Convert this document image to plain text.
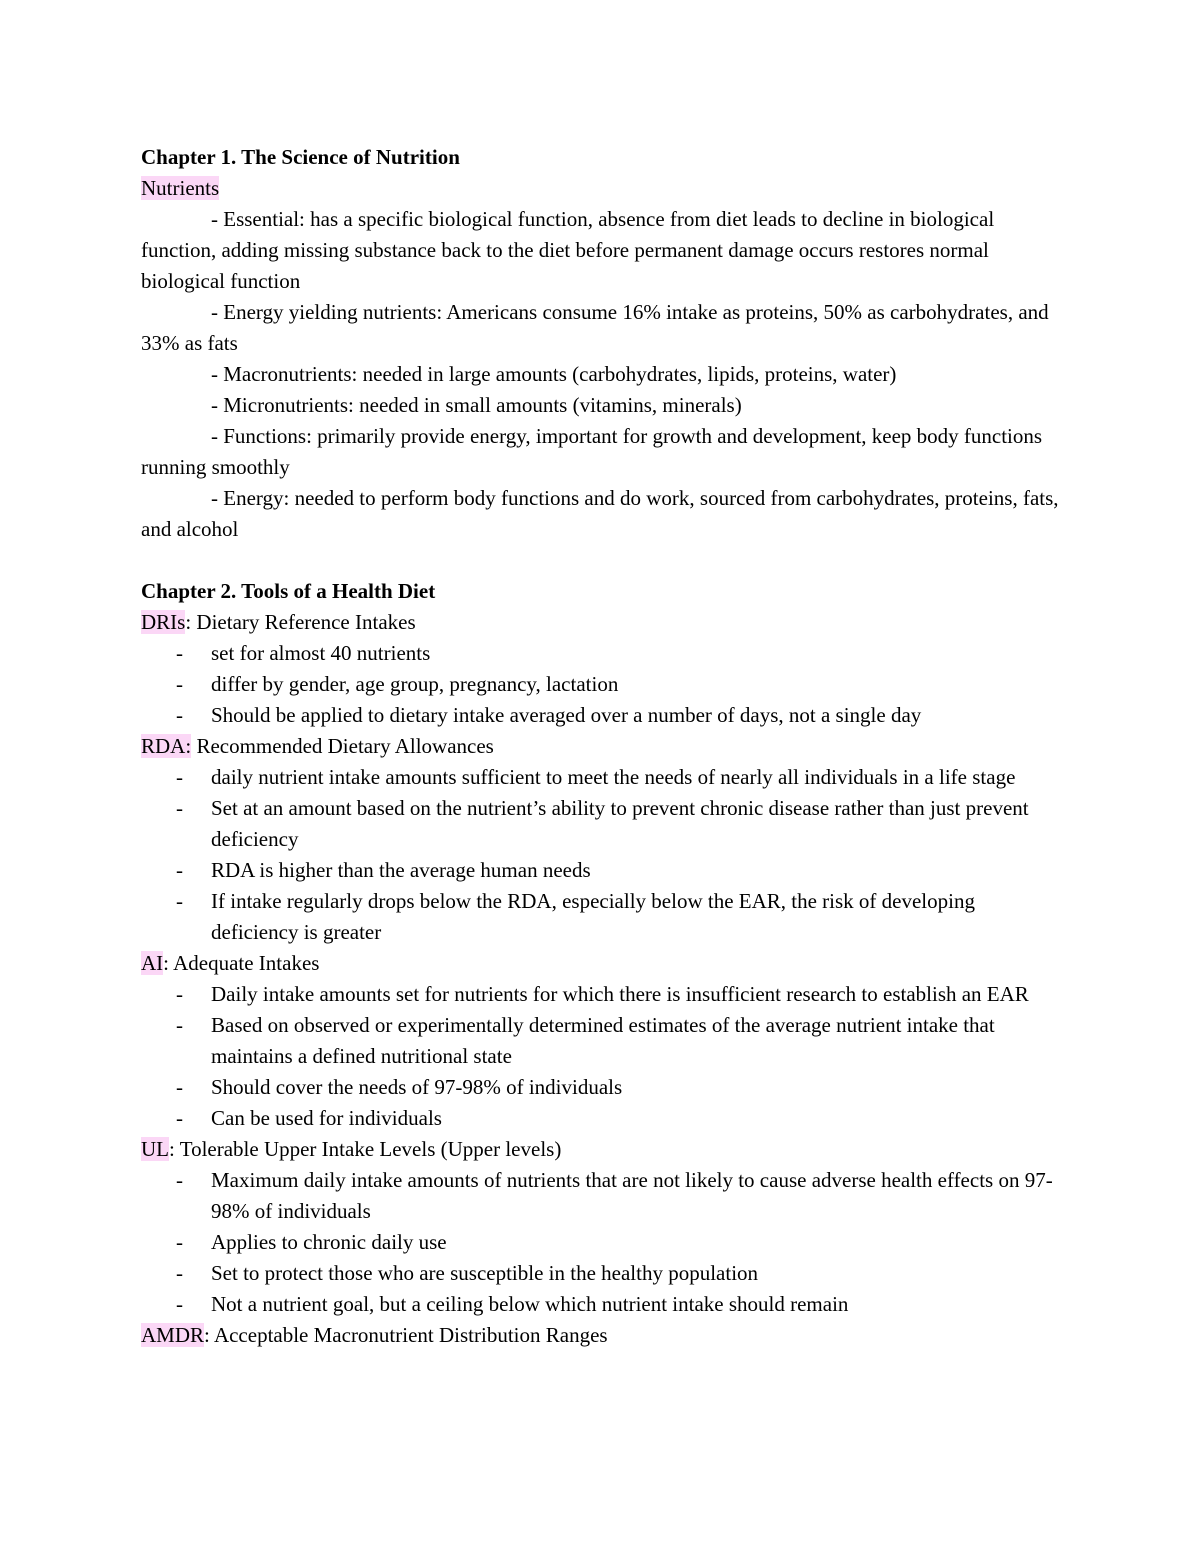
Chapter 1. The Science of Nutrition
Nutrients

- Essential: has a specific biological function, absence from diet leads to decline in biological function, adding missing substance back to the diet before permanent damage occurs restores normal biological function

- Energy yielding nutrients: Americans consume 16% intake as proteins, 50% as carbohydrates, and 33% as fats

- Macronutrients: needed in large amounts (carbohydrates, lipids, proteins, water)

- Micronutrients: needed in small amounts (vitamins, minerals)

- Functions: primarily provide energy, important for growth and development, keep body functions running smoothly

- Energy: needed to perform body functions and do work, sourced from carbohydrates, proteins, fats, and alcohol

Chapter 2. Tools of a Health Diet
DRIs: Dietary Reference Intakes
- set for almost 40 nutrients
- differ by gender, age group, pregnancy, lactation
- Should be applied to dietary intake averaged over a number of days, not a single day
RDA: Recommended Dietary Allowances
- daily nutrient intake amounts sufficient to meet the needs of nearly all individuals in a life stage
- Set at an amount based on the nutrient’s ability to prevent chronic disease rather than just prevent deficiency
- RDA is higher than the average human needs
- If intake regularly drops below the RDA, especially below the EAR, the risk of developing deficiency is greater
AI: Adequate Intakes
- Daily intake amounts set for nutrients for which there is insufficient research to establish an EAR
- Based on observed or experimentally determined estimates of the average nutrient intake that maintains a defined nutritional state
- Should cover the needs of 97-98% of individuals
- Can be used for individuals
UL: Tolerable Upper Intake Levels (Upper levels)
- Maximum daily intake amounts of nutrients that are not likely to cause adverse health effects on 97-98% of individuals
- Applies to chronic daily use
- Set to protect those who are susceptible in the healthy population
- Not a nutrient goal, but a ceiling below which nutrient intake should remain
AMDR: Acceptable Macronutrient Distribution Ranges
